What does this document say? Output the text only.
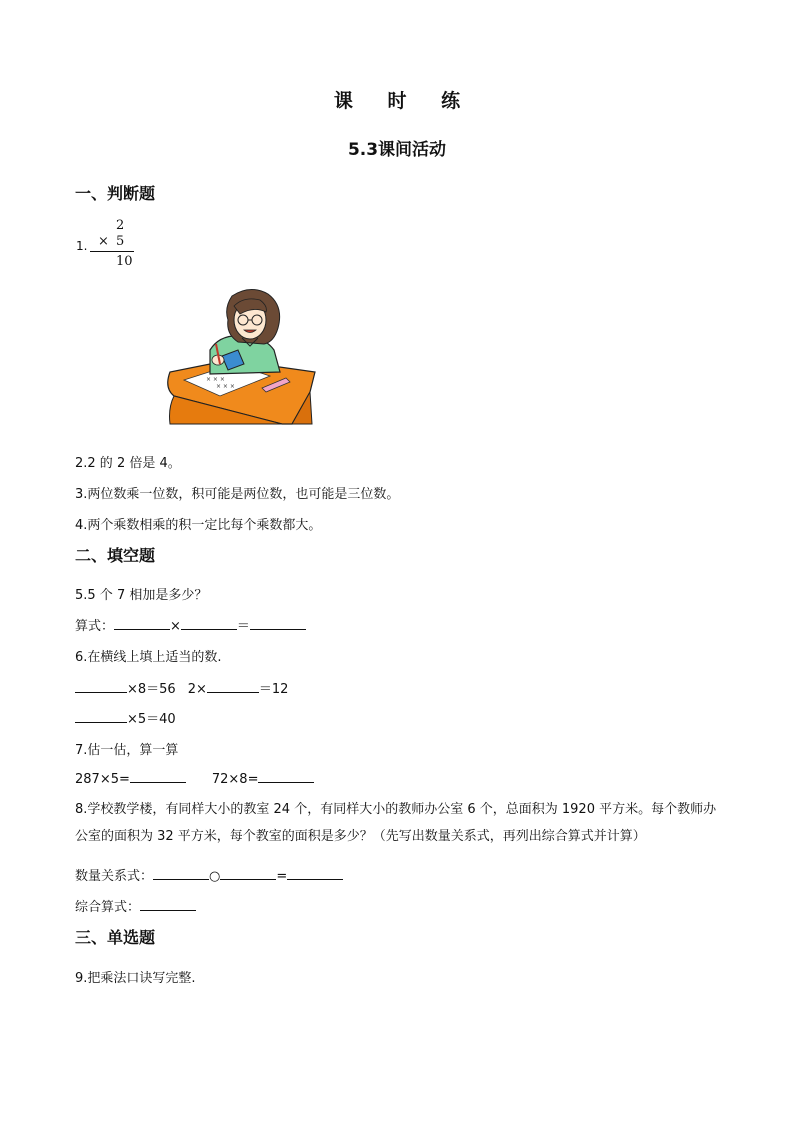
课 时 练
5.3课间活动
一、判断题
1.
2
× 5
10
× × ×
× × ×
2.2 的 2 倍是 4。
3.两位数乘一位数，积可能是两位数，也可能是三位数。
4.两个乘数相乘的积一定比每个乘数都大。
二、填空题
5.5 个 7 相加是多少？
算式：	×	＝
6.在横线上填上适当的数.
×8＝56 2×	＝12
×5＝40
7.估一估，算一算
287×5=	72×8=
8.学校教学楼，有同样大小的教室 24 个，有同样大小的教师办公室 6 个，总面积为 1920 平方米。每个教师办公室的面积为 32 平方米，每个教室的面积是多少？（先写出数量关系式，再列出综合算式并计算）
数量关系式：	○	=
综合算式：
三、单选题
9.把乘法口诀写完整.
